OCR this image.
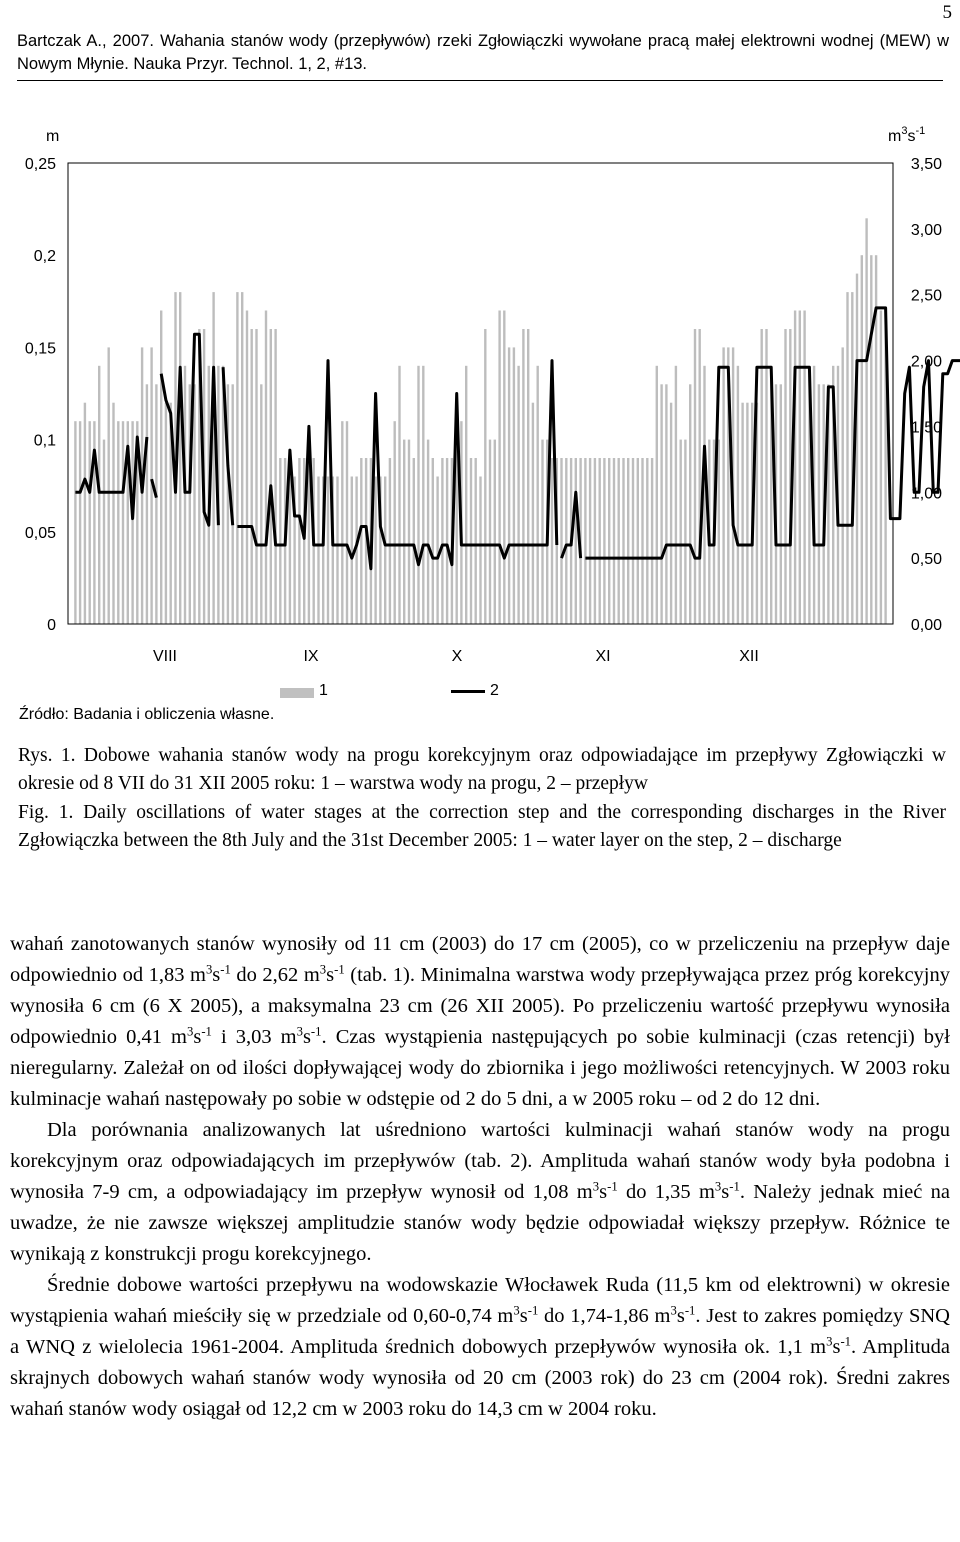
5
Bartczak A., 2007. Wahania stanów wody (przepływów) rzeki Zgłowiączki wywołane pracą małej elektrowni wodnej (MEW) w Nowym Młynie. Nauka Przyr. Technol. 1, 2, #13.
m	$m^3s^{-1}$
0
0,05
0,1
0,15
0,2
0,25
0,00
0,50
1,00
1,50
2,00
2,50
3,00
3,50
VIII	IX	X	XI	XII
1	2
Źródło: Badania i obliczenia własne.
Rys. 1. Dobowe wahania stanów wody na progu korekcyjnym oraz odpowiadające im przepływy Zgłowiączki w okresie od 8 VII do 31 XII 2005 roku: 1 – warstwa wody na progu, 2 – przepływ
Fig. 1. Daily oscillations of water stages at the correction step and the corresponding discharges in the River Zgłowiączka between the 8th July and the 31st December 2005: 1 – water layer on the step, 2 – discharge

wahań zanotowanych stanów wynosiły od 11 cm (2003) do 17 cm (2005), co w przeliczeniu na przepływ daje odpowiednio od 1,83 $m^3s^{-1}$ do 2,62 $m^3s^{-1}$ (tab. 1). Minimalna warstwa wody przepływająca przez próg korekcyjny wynosiła 6 cm (6 X 2005), a maksymalna 23 cm (26 XII 2005). Po przeliczeniu wartość przepływu wynosiła odpowiednio 0,41 $m^3s^{-1}$ i 3,03 $m^3s^{-1}$. Czas wystąpienia następujących po sobie kulminacji (czas retencji) był nieregularny. Zależał on od ilości dopływającej wody do zbiornika i jego możliwości retencyjnych. W 2003 roku kulminacje wahań następowały po sobie w odstępie od 2 do 5 dni, a w 2005 roku – od 2 do 12 dni.

Dla porównania analizowanych lat uśredniono wartości kulminacji wahań stanów wody na progu korekcyjnym oraz odpowiadających im przepływów (tab. 2). Amplituda wahań stanów wody była podobna i wynosiła 7-9 cm, a odpowiadający im przepływ wynosił od 1,08 $m^3s^{-1}$ do 1,35 $m^3s^{-1}$. Należy jednak mieć na uwadze, że nie zawsze większej amplitudzie stanów wody będzie odpowiadał większy przepływ. Różnice te wynikają z konstrukcji progu korekcyjnego.

Średnie dobowe wartości przepływu na wodowskazie Włocławek Ruda (11,5 km od elektrowni) w okresie wystąpienia wahań mieściły się w przedziale od 0,60-0,74 $m^3s^{-1}$ do 1,74-1,86 $m^3s^{-1}$. Jest to zakres pomiędzy SNQ a WNQ z wielolecia 1961-2004. Amplituda średnich dobowych przepływów wynosiła ok. 1,1 $m^3s^{-1}$. Amplituda skrajnych dobowych wahań stanów wody wynosiła od 20 cm (2003 rok) do 23 cm (2004 rok). Średni zakres wahań stanów wody osiągał od 12,2 cm w 2003 roku do 14,3 cm w 2004 roku.
